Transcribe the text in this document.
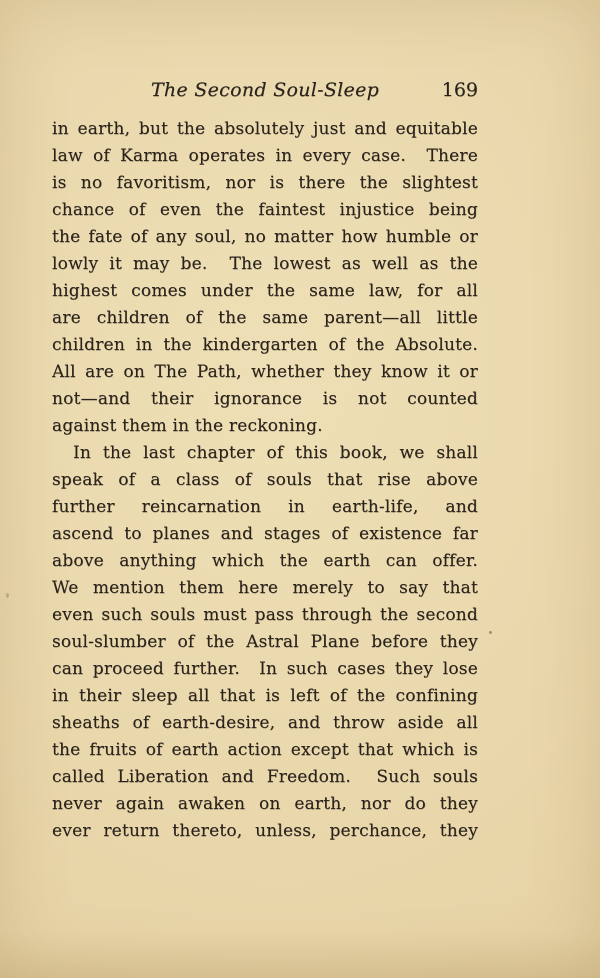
The Second Soul-Sleep	169
in earth, but the absolutely just and equitable
law of Karma operates in every case.  There
is no favoritism, nor is there the slightest
chance of even the faintest injustice being
the fate of any soul, no matter how humble or
lowly it may be.  The lowest as well as the
highest comes under the same law, for all
are children of the same parent—all little
children in the kindergarten of the Absolute.
All are on The Path, whether they know it or
not—and their ignorance is not counted
against them in the reckoning.
In the last chapter of this book, we shall
speak of a class of souls that rise above
further reincarnation in earth-life, and
ascend to planes and stages of existence far
above anything which the earth can offer.
We mention them here merely to say that
even such souls must pass through the second
soul-slumber of the Astral Plane before they
can proceed further.  In such cases they lose
in their sleep all that is left of the confining
sheaths of earth-desire, and throw aside all
the fruits of earth action except that which is
called Liberation and Freedom.  Such souls
never again awaken on earth, nor do they
ever return thereto, unless, perchance, they
